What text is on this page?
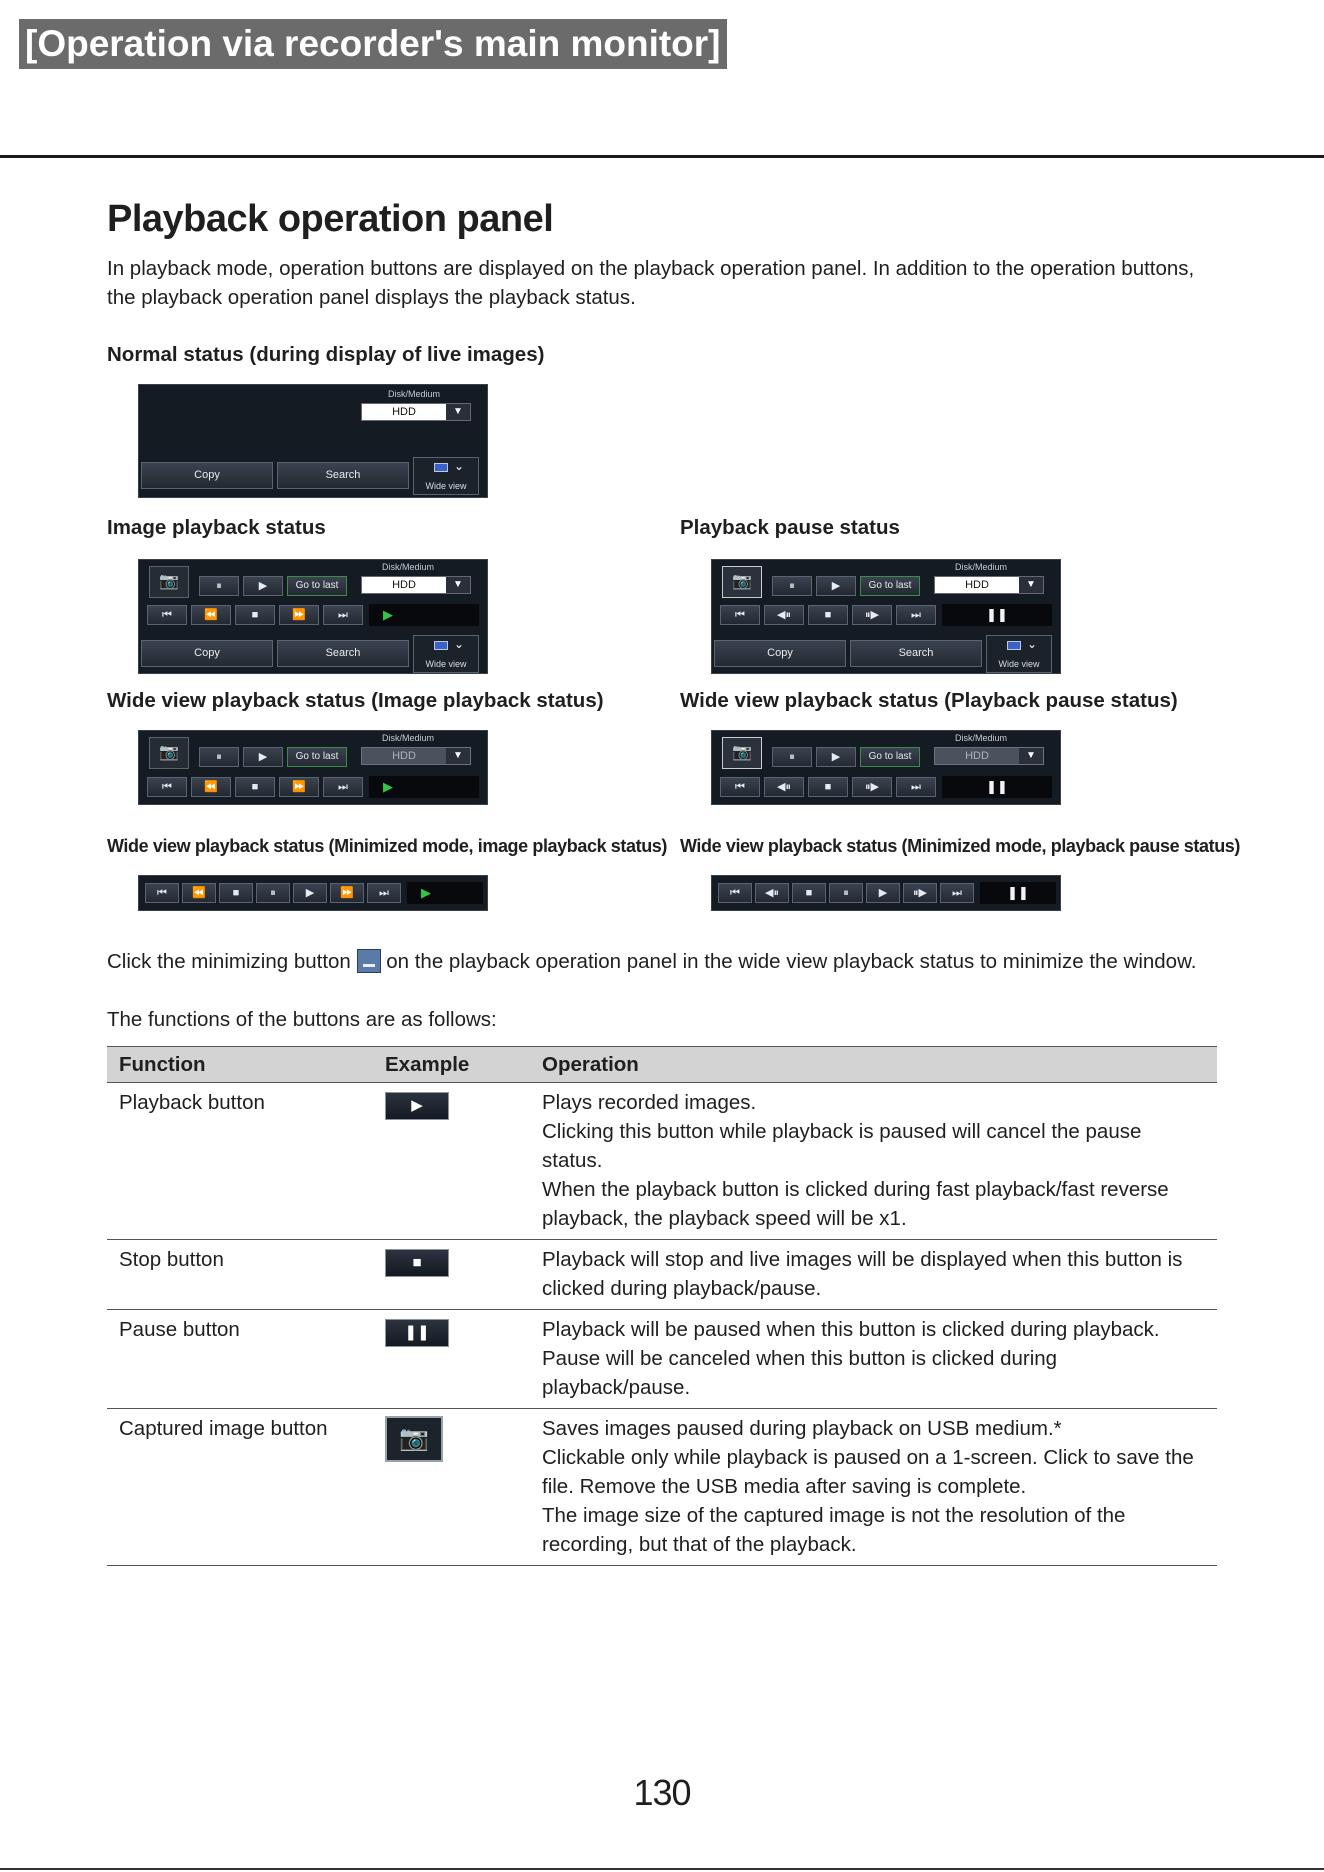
[Operation via recorder's main monitor]
Playback operation panel

In playback mode, operation buttons are displayed on the playback operation panel. In addition to the operation buttons, the playback operation panel displays the playback status.

Normal status (during display of live images)
Disk/Medium
HDD	▼
Copy	Search
⌄
Wide view
Image playback status
📷	⏸	▶	Go to last
Disk/Medium
HDD	▼
⏮	⏪	■	⏩	⏭	▶
Copy	Search
⌄
Wide view
Playback pause status
📷	⏸	▶	Go to last
Disk/Medium
HDD	▼
⏮	◀⏸	■	⏸▶	⏭	❚❚
Copy	Search
⌄
Wide view
Wide view playback status (Image playback status)
📷	⏸	▶	Go to last
Disk/Medium
HDD	▼
⏮	⏪	■	⏩	⏭	▶
Wide view playback status (Playback pause status)
📷	⏸	▶	Go to last
Disk/Medium
HDD	▼
⏮	◀⏸	■	⏸▶	⏭	❚❚
Wide view playback status (Minimized mode, image playback status) Wide view playback status (Minimized mode, playback pause status)
⏮	⏪	■	⏸	▶	⏩	⏭	▶	⏮	◀⏸	■	⏸	▶	⏸▶	⏭	❚❚

Click the minimizing button on the playback operation panel in the wide view playback status to minimize the window.

The functions of the buttons are as follows:

Function	Example	Operation
Playback button	▶	Plays recorded images.
Clicking this button while playback is paused will cancel the pause status.
When the playback button is clicked during fast playback/fast reverse playback, the playback speed will be x1.

Stop button	■	Playback will stop and live images will be displayed when this button is clicked during playback/pause.

Pause button	❚❚	Playback will be paused when this button is clicked during playback.
Pause will be canceled when this button is clicked during playback/pause.

Captured image button	📷	Saves images paused during playback on USB medium.*
Clickable only while playback is paused on a 1-screen. Click to save the file. Remove the USB media after saving is complete.
The image size of the captured image is not the resolution of the recording, but that of the playback.
130
